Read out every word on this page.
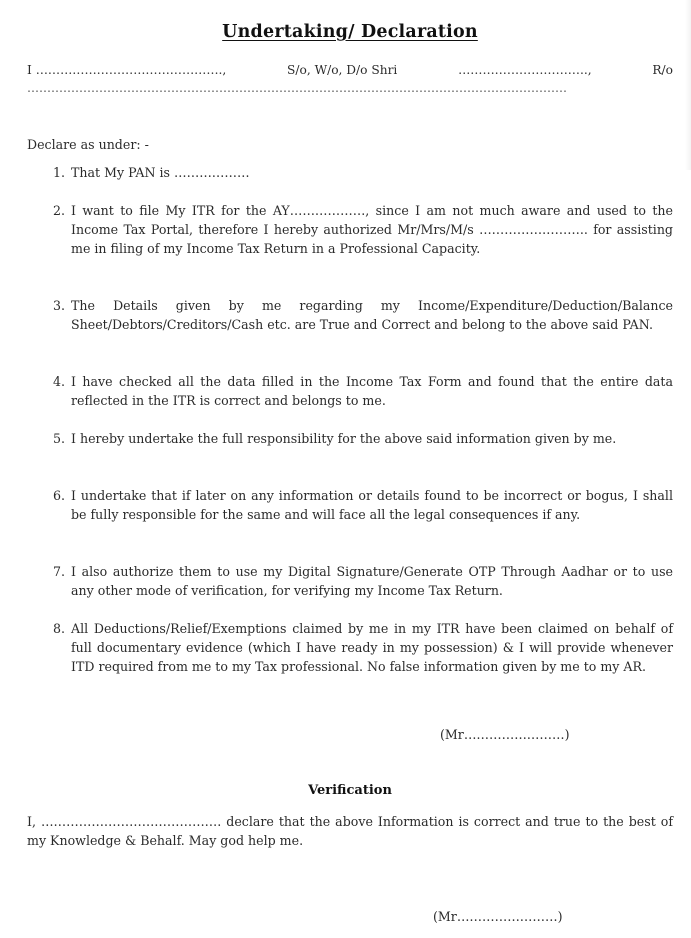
Undertaking/ Declaration
I ……………………………………….,	S/o, W/o, D/o Shri	…………………………..,	R/o
………………………………………………………………………………………………………………………
Declare as under: -
1. That My PAN is ………………
2. I want to file My ITR for the AY………………, since I am not much aware and used to the Income Tax Portal, therefore I hereby authorized Mr/Mrs/M/s …………………….. for assisting me in filing of my Income Tax Return in a Professional Capacity.
3. The Details given by me regarding my Income/Expenditure/Deduction/Balance Sheet/Debtors/Creditors/Cash etc. are True and Correct and belong to the above said PAN.
4. I have checked all the data filled in the Income Tax Form and found that the entire data reflected in the ITR is correct and belongs to me.
5. I hereby undertake the full responsibility for the above said information given by me.
6. I undertake that if later on any information or details found to be incorrect or bogus, I shall be fully responsible for the same and will face all the legal consequences if any.
7. I also authorize them to use my Digital Signature/Generate OTP Through Aadhar or to use any other mode of verification, for verifying my Income Tax Return.
8. All Deductions/Relief/Exemptions claimed by me in my ITR have been claimed on behalf of full documentary evidence (which I have ready in my possession) & I will provide whenever ITD required from me to my Tax professional. No false information given by me to my AR.
(Mr……………………)
Verification
I, ……………………………………. declare that the above Information is correct and true to the best of my Knowledge & Behalf. May god help me.
(Mr……………………)
